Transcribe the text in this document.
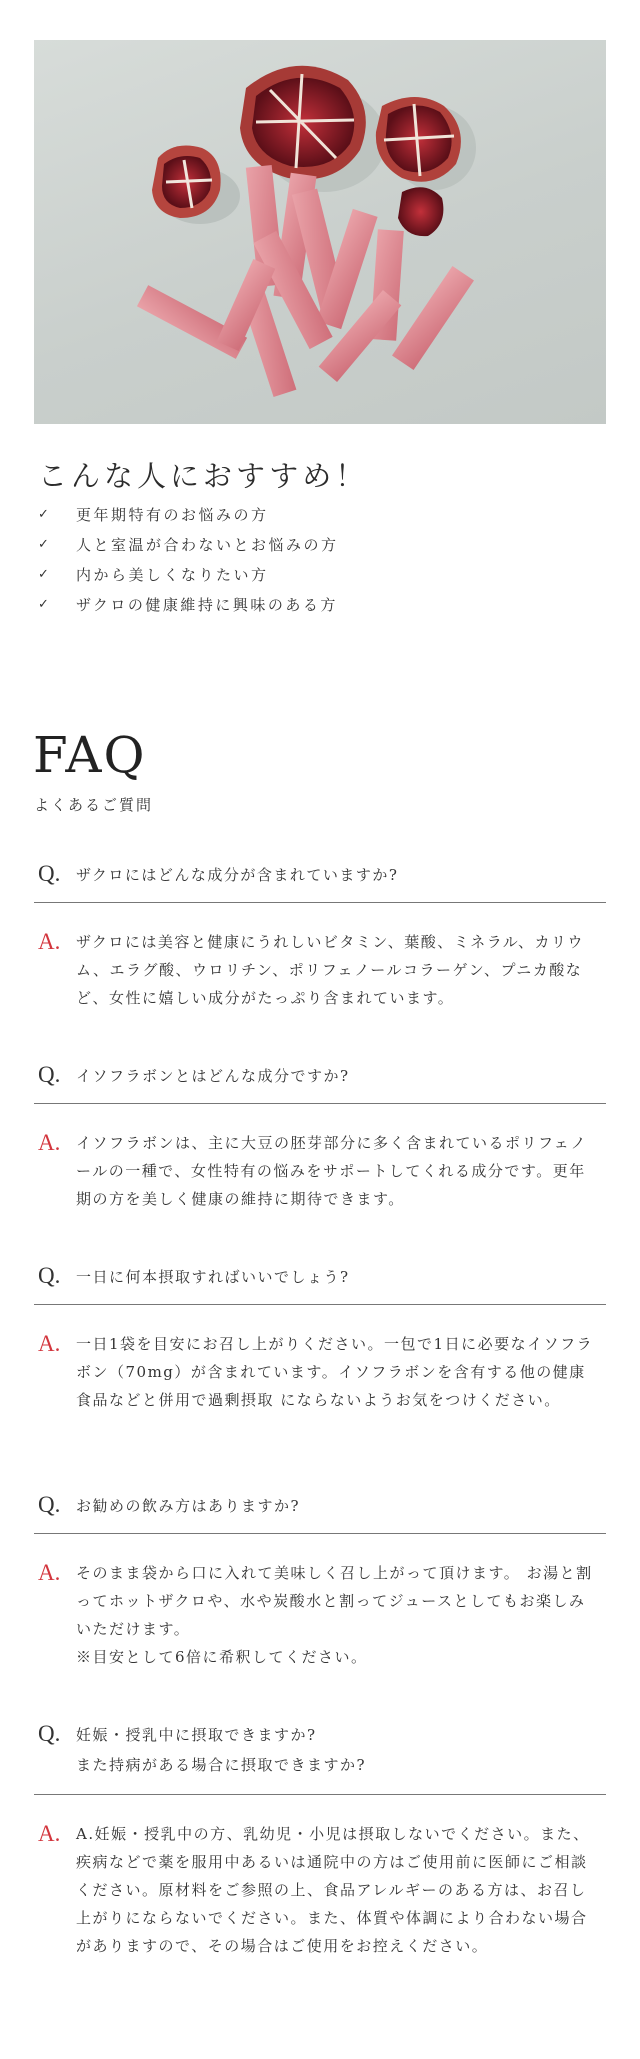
こんな人におすすめ！
✓	更年期特有のお悩みの方
✓	人と室温が合わないとお悩みの方
✓	内から美しくなりたい方
✓	ザクロの健康維持に興味のある方
FAQ
よくあるご質問
Q. ザクロにはどんな成分が含まれていますか?
A. ザクロには美容と健康にうれしいビタミン、葉酸、ミネラル、カリウム、エラグ酸、ウロリチン、ポリフェノールコラーゲン、プニカ酸など、女性に嬉しい成分がたっぷり含まれています。

Q. イソフラボンとはどんな成分ですか?
A. イソフラボンは、主に大豆の胚芽部分に多く含まれているポリフェノールの一種で、女性特有の悩みをサポートしてくれる成分です。更年期の方を美しく健康の維持に期待できます。

Q. 一日に何本摂取すればいいでしょう?
A. 一日1袋を目安にお召し上がりください。一包で1日に必要なイソフラボン（70mg）が含まれています。イソフラボンを含有する他の健康食品などと併用で過剰摂取 にならないようお気をつけください。

Q. お勧めの飲み方はありますか?
A. そのまま袋から口に入れて美味しく召し上がって頂けます。 お湯と割ってホットザクロや、水や炭酸水と割ってジュースとしてもお楽しみいただけます。

※目安として6倍に希釈してください。

Q. 妊娠・授乳中に摂取できますか?
また持病がある場合に摂取できますか?
A. A.妊娠・授乳中の方、乳幼児・小児は摂取しないでください。また、疾病などで薬を服用中あるいは通院中の方はご使用前に医師にご相談ください。原材料をご参照の上、食品アレルギーのある方は、お召し上がりにならないでください。また、体質や体調により合わない場合がありますので、その場合はご使用をお控えください。
